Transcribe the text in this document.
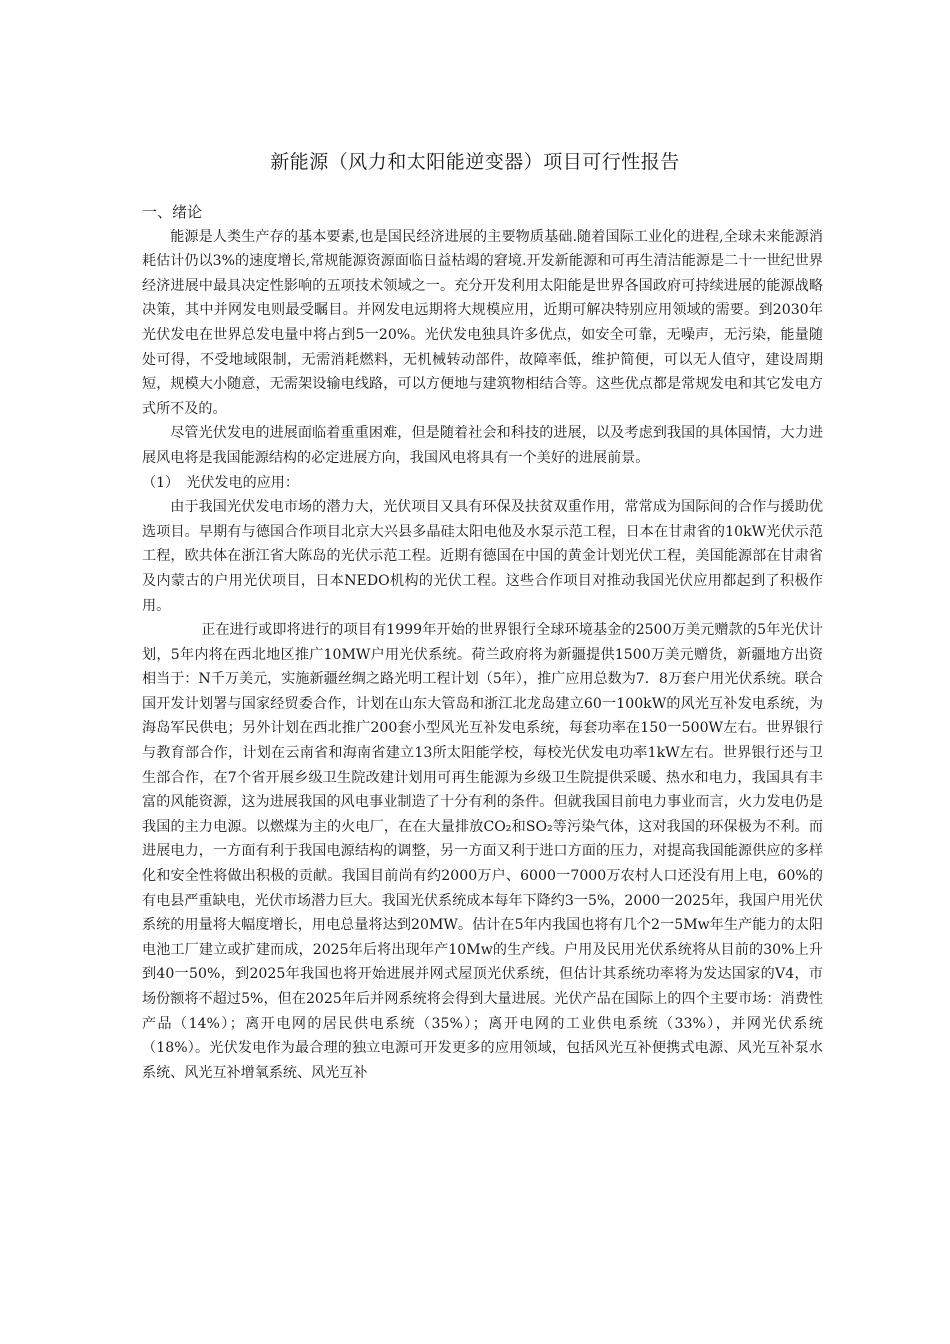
新能源（风力和太阳能逆变器）项目可行性报告

一、绪论

能源是人类生产存的基本要素,也是国民经济进展的主要物质基础.随着国际工业化的进程,全球未来能源消耗估计仍以3%的速度增长,常规能源资源面临日益枯竭的窘境.开发新能源和可再生清洁能源是二十一世纪世界经济进展中最具决定性影响的五项技术领域之一。充分开发利用太阳能是世界各国政府可持续进展的能源战略决策，其中并网发电则最受瞩目。并网发电远期将大规模应用，近期可解决特别应用领域的需要。到2030年光伏发电在世界总发电量中将占到5一20%。光伏发电独具许多优点，如安全可靠，无噪声，无污染，能量随处可得，不受地域限制，无需消耗燃料，无机械转动部件，故障率低，维护简便，可以无人值守，建设周期短，规模大小随意，无需架设输电线路，可以方便地与建筑物相结合等。这些优点都是常规发电和其它发电方式所不及的。

尽管光伏发电的进展面临着重重困难，但是随着社会和科技的进展，以及考虑到我国的具体国情，大力进展风电将是我国能源结构的必定进展方向，我国风电将具有一个美好的进展前景。

（1）　光伏发电的应用：

由于我国光伏发电市场的潜力大，光伏项目又具有环保及扶贫双重作用，常常成为国际间的合作与援助优选项目。早期有与德国合作项目北京大兴县多晶硅太阳电他及水泵示范工程，日本在甘肃省的10kW光伏示范工程，欧共体在浙江省大陈岛的光伏示范工程。近期有德国在中国的黄金计划光伏工程，美国能源部在甘肃省及内蒙古的户用光伏项目，日本NEDO机构的光伏工程。这些合作项目对推动我国光伏应用都起到了积极作用。

正在进行或即将进行的项目有1999年开始的世界银行全球环境基金的2500万美元赠款的5年光伏计划，5年内将在西北地区推广10MW户用光伏系统。荷兰政府将为新疆提供1500万美元赠货，新疆地方出资相当于：N千万美元，实施新疆丝绸之路光明工程计划（5年），推广应用总数为7．8万套户用光伏系统。联合国开发计划署与国家经贸委合作，计划在山东大管岛和浙江北龙岛建立60一100kW的风光互补发电系统，为海岛军民供电；另外计划在西北推广200套小型风光互补发电系统，每套功率在150一500W左右。世界银行与教育部合作，计划在云南省和海南省建立13所太阳能学校，每校光伏发电功率1kW左右。世界银行还与卫生部合作，在7个省开展乡级卫生院改建计划用可再生能源为乡级卫生院提供采暖、热水和电力，我国具有丰富的风能资源，这为进展我国的风电事业制造了十分有利的条件。但就我国目前电力事业而言，火力发电仍是我国的主力电源。以燃煤为主的火电厂，在在大量排放CO₂和SO₂等污染气体，这对我国的环保极为不利。而进展电力，一方面有利于我国电源结构的调整，另一方面又利于进口方面的压力，对提高我国能源供应的多样化和安全性将做出积极的贡献。我国目前尚有约2000万户、6000一7000万农村人口还没有用上电，60%的有电县严重缺电，光伏市场潜力巨大。我国光伏系统成本每年下降约3一5%，2000一2025年，我国户用光伏系统的用量将大幅度增长，用电总量将达到20MW。估计在5年内我国也将有几个2一5Mw年生产能力的太阳电池工厂建立或扩建而成，2025年后将出现年产10Mw的生产线。户用及民用光伏系统将从目前的30%上升到40一50%，到2025年我国也将开始进展并网式屋顶光伏系统，但估计其系统功率将为发达国家的V4，市场份额将不超过5%，但在2025年后并网系统将会得到大量进展。光伏产品在国际上的四个主要市场：消费性产品（14%）；离开电网的居民供电系统（35%）；离开电网的工业供电系统（33%），并网光伏系统（18%）。光伏发电作为最合理的独立电源可开发更多的应用领域，包括风光互补便携式电源、风光互补泵水系统、风光互补增氧系统、风光互补
